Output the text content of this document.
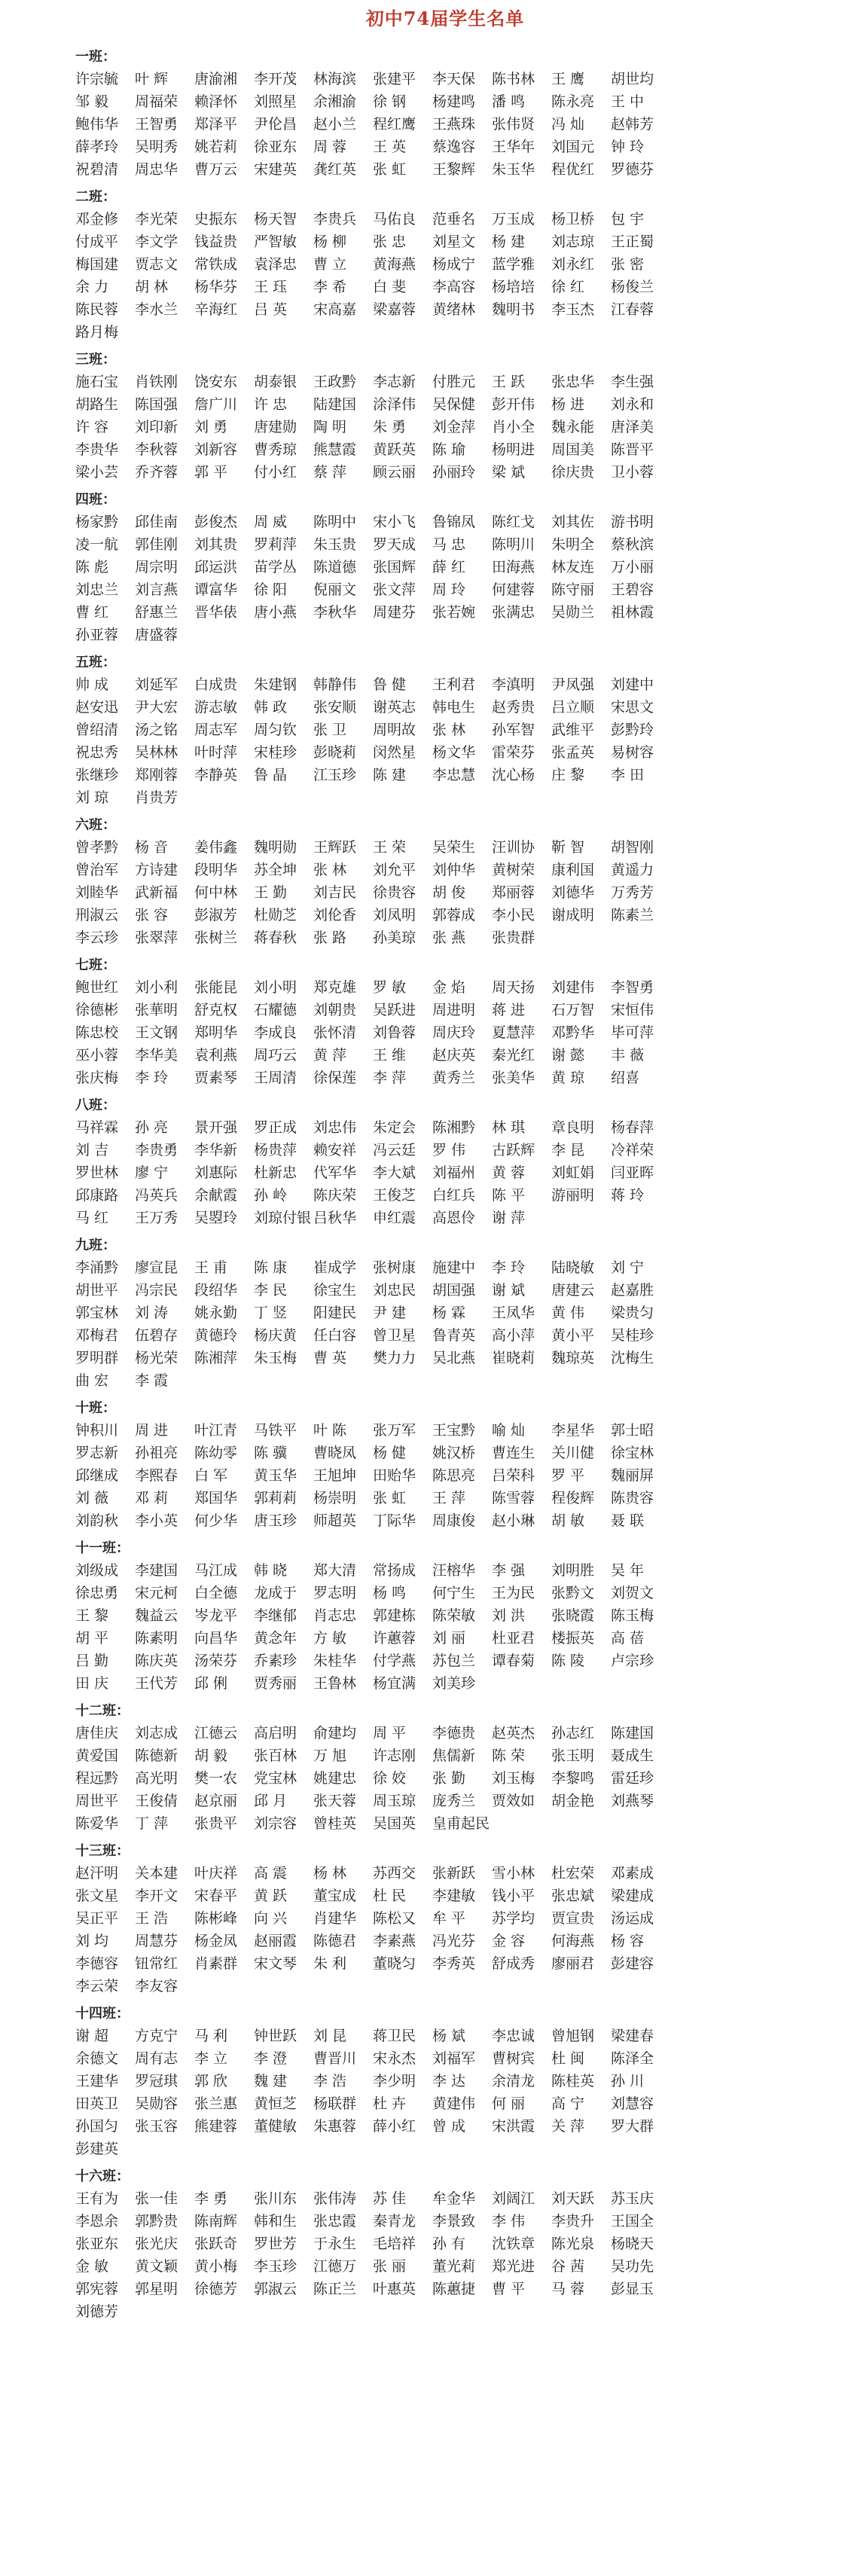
初中74届学生名单
一班：
许宗毓	叶 辉	唐渝湘	李开茂	林海滨	张建平	李天保	陈书林	王 鹰	胡世均
邹 毅	周福荣	赖泽怀	刘照星	余湘渝	徐 钢	杨建鸣	潘 鸣	陈永亮	王 中
鲍伟华	王智勇	郑泽平	尹伦昌	赵小兰	程红鹰	王燕珠	张伟贤	冯 灿	赵韩芳
薛孝玲	吴明秀	姚若莉	徐亚东	周 蓉	王 英	蔡逸容	王华年	刘国元	钟 玲
祝碧清	周忠华	曹万云	宋建英	龚红英	张 虹	王黎辉	朱玉华	程优红	罗德芬
二班：
邓金修	李光荣	史振东	杨天智	李贵兵	马佑良	范垂名	万玉成	杨卫桥	包 宇
付成平	李文学	钱益贵	严智敏	杨 柳	张 忠	刘星文	杨 建	刘志琼	王正蜀
梅国建	贾志文	常铁成	袁泽忠	曹 立	黄海燕	杨成宁	蓝学雅	刘永红	张 密
余 力	胡 林	杨华芬	王 珏	李 希	白 斐	李高容	杨培培	徐 红	杨俊兰
陈民蓉	李水兰	辛海红	吕 英	宋高嘉	梁嘉蓉	黄绪林	魏明书	李玉杰	江春蓉
路月梅
三班：
施石宝	肖铁刚	饶安东	胡泰银	王政黔	李志新	付胜元	王 跃	张忠华	李生强
胡路生	陈国强	詹广川	许 忠	陆建国	涂泽伟	吴保健	彭开伟	杨 进	刘永和
许 容	刘印新	刘 勇	唐建勋	陶 明	朱 勇	刘金萍	肖小全	魏永能	唐泽美
李贵华	李秋蓉	刘新容	曹秀琼	熊慧霞	黄跃英	陈 瑜	杨明进	周国美	陈晋平
梁小芸	乔齐蓉	郭 平	付小红	蔡 萍	顾云丽	孙丽玲	梁 斌	徐庆贵	卫小蓉
四班：
杨家黔	邱佳南	彭俊杰	周 威	陈明中	宋小飞	鲁锦凤	陈红戈	刘其佐	游书明
凌一航	郭佳刚	刘其贵	罗莉萍	朱玉贵	罗天成	马 忠	陈明川	朱明全	蔡秋滨
陈 彪	周宗明	邱运洪	苗学丛	陈道德	张国辉	薛 红	田海燕	林友连	万小丽
刘忠兰	刘言燕	谭富华	徐 阳	倪丽文	张文萍	周 玲	何建蓉	陈守丽	王碧容
曹 红	舒惠兰	晋华俵	唐小燕	李秋华	周建芬	张若婉	张满忠	吴勋兰	祖林霞
孙亚蓉	唐盛蓉
五班：
帅 成	刘延军	白成贵	朱建钢	韩静伟	鲁 健	王利君	李滇明	尹凤强	刘建中
赵安迅	尹大宏	游志敏	韩 政	张安顺	谢英志	韩电生	赵秀贵	吕立顺	宋思文
曾绍清	汤之铭	周志军	周匀钦	张 卫	周明故	张 林	孙军智	武维平	彭黔玲
祝忠秀	吴林林	叶时萍	宋桂珍	彭晓莉	闵然星	杨文华	雷荣芬	张孟英	易树容
张继珍	郑刚蓉	李静英	鲁 晶	江玉珍	陈 建	李忠慧	沈心杨	庄 黎	李 田
刘 琼	肖贵芳
六班：
曾孝黔	杨 音	姜伟鑫	魏明勋	王辉跃	王 荣	吴荣生	汪训协	靳 智	胡智刚
曾治军	方诗建	段明华	苏全坤	张 林	刘允平	刘仲华	黄树荣	康利国	黄遥力
刘睦华	武新福	何中林	王 勤	刘吉民	徐贵容	胡 俊	郑丽蓉	刘德华	万秀芳
刑淑云	张 容	彭淑芳	杜勋芝	刘伦香	刘凤明	郭蓉成	李小民	谢成明	陈素兰
李云珍	张翠萍	张树兰	蒋春秋	张 路	孙美琼	张 燕	张贵群
七班：
鲍世红	刘小利	张能昆	刘小明	郑克雄	罗 敏	金 焰	周天扬	刘建伟	李智勇
徐德彬	张華明	舒克权	石耀德	刘朝贵	吴跃进	周进明	蒋 进	石万智	宋恒伟
陈忠校	王文钢	郑明华	李成良	张怀清	刘鲁蓉	周庆玲	夏慧萍	邓黔华	毕可萍
巫小蓉	李华美	袁利燕	周巧云	黄 萍	王 维	赵庆英	秦光红	谢 懿	丰 薇
张庆梅	李 玲	贾素琴	王周清	徐保莲	李 萍	黄秀兰	张美华	黄 琼	绍喜
八班：
马祥霖	孙 亮	景开强	罗正成	刘忠伟	朱定会	陈湘黔	林 琪	章良明	杨春萍
刘 吉	李贵勇	李华新	杨贵萍	赖安祥	冯云廷	罗 伟	古跃辉	李 昆	冷祥荣
罗世林	廖 宁	刘惠际	杜新忠	代军华	李大斌	刘福州	黄 蓉	刘虹娟	闫亚晖
邱康路	冯英兵	余献霞	孙 岭	陈庆荣	王俊芝	白红兵	陈 平	游丽明	蒋 玲
马 红	王万秀	吴曌玲	刘琼付银 吕秋华	申红震	高恩伶	谢 萍
九班：
李涌黔	廖宣昆	王 甫	陈 康	崔成学	张树康	施建中	李 玲	陆晓敏	刘 宁
胡世平	冯宗民	段绍华	李 民	徐宝生	刘忠民	胡国强	谢 斌	唐建云	赵嘉胜
郭宝林	刘 涛	姚永勤	丁 竖	阳建民	尹 建	杨 霖	王凤华	黄 伟	梁贵匀
邓梅君	伍碧存	黄德玲	杨庆黄	任白容	曾卫星	鲁青英	高小萍	黄小平	吴桂珍
罗明群	杨光荣	陈湘萍	朱玉梅	曹 英	樊力力	吴北燕	崔晓莉	魏琼英	沈梅生
曲 宏	李 霞
十班：
钟积川	周 进	叶江青	马铁平	叶 陈	张万军	王宝黔	喻 灿	李星华	郭士昭
罗志新	孙祖亮	陈幼零	陈 骥	曹晓凤	杨 健	姚汉桥	曹连生	关川健	徐宝林
邱继成	李熙春	白 军	黄玉华	王旭坤	田贻华	陈思亮	吕荣科	罗 平	魏丽屏
刘 薇	邓 莉	郑国华	郭莉莉	杨崇明	张 虹	王 萍	陈雪蓉	程俊辉	陈贵容
刘韵秋	李小英	何少华	唐玉珍	师超英	丁际华	周康俊	赵小琳	胡 敏	聂 联
十一班：
刘级成	李建国	马江成	韩 晓	郑大清	常扬成	汪榕华	李 强	刘明胜	吴 年
徐忠勇	宋元柯	白全德	龙成于	罗志明	杨 鸣	何宁生	王为民	张黔文	刘贺文
王 黎	魏益云	岑龙平	李继郁	肖志忠	郭建栋	陈荣敏	刘 洪	张晓霞	陈玉梅
胡 平	陈素明	向昌华	黄念年	方 敏	许蕙蓉	刘 丽	杜亚君	楼振英	高 蓓
吕 勤	陈庆英	汤荣芬	乔素珍	朱桂华	付学燕	苏包兰	谭春菊	陈 陵	卢宗珍
田 庆	王代芳	邱 俐	贾秀丽	王鲁林	杨宜满	刘美珍
十二班：
唐佳庆	刘志成	江德云	高启明	俞建均	周 平	李德贵	赵英杰	孙志红	陈建国
黄爱国	陈德新	胡 毅	张百林	万 旭	许志刚	焦儒新	陈 荣	张玉明	聂成生
程远黔	高光明	樊一农	党宝林	姚建忠	徐 姣	张 勤	刘玉梅	李黎鸣	雷廷珍
周世平	王俊倩	赵京丽	邱 月	张天蓉	周玉琼	庞秀兰	贾效如	胡金艳	刘燕琴
陈爱华	丁 萍	张贵平	刘宗容	曾桂英	吴国英	皇甫起民
十三班：
赵汗明	关本建	叶庆祥	高 震	杨 林	苏西交	张新跃	雪小林	杜宏荣	邓素成
张文星	李开文	宋春平	黄 跃	董宝成	杜 民	李建敏	钱小平	张忠斌	梁建成
吴正平	王 浩	陈彬峰	向 兴	肖建华	陈松又	牟 平	苏学均	贾宣贵	汤运成
刘 均	周慧芬	杨金凤	赵丽霞	陈德君	李素燕	冯光芬	金 容	何海燕	杨 容
李德容	钮常红	肖素群	宋文琴	朱 利	董晓匀	李秀英	舒成秀	廖丽君	彭建容
李云荣	李友容
十四班：
谢 超	方克宁	马 利	钟世跃	刘 昆	蒋卫民	杨 斌	李忠诚	曾旭钢	梁建春
余德文	周有志	李 立	李 澄	曹晋川	宋永杰	刘福军	曹树宾	杜 闽	陈泽全
王建华	罗冠琪	郭 欣	魏 建	李 浩	李少明	李 达	余清龙	陈桂英	孙 川
田英卫	吴勋容	张兰惠	黄恒芝	杨联群	杜 卉	黄建伟	何 丽	高 宁	刘慧容
孙国匀	张玉容	熊建蓉	董健敏	朱惠蓉	薛小红	曾 成	宋洪霞	关 萍	罗大群
彭建英
十六班：
王有为	张一佳	李 勇	张川东	张伟涛	苏 佳	牟金华	刘阔江	刘天跃	苏玉庆
李恩余	郭黔贵	陈南辉	韩和生	张忠霞	秦青龙	李景致	李 伟	李贵升	王国全
张亚东	张光庆	张跃奇	罗世芳	于永生	毛培祥	孙 有	沈铁章	陈光泉	杨晓天
金 敏	黄文颖	黄小梅	李玉珍	江德万	张 丽	董光莉	郑光进	谷 茜	吴功先
郭宪蓉	郭星明	徐德芳	郭淑云	陈正兰	叶惠英	陈蕙捷	曹 平	马 蓉	彭显玉
刘德芳
